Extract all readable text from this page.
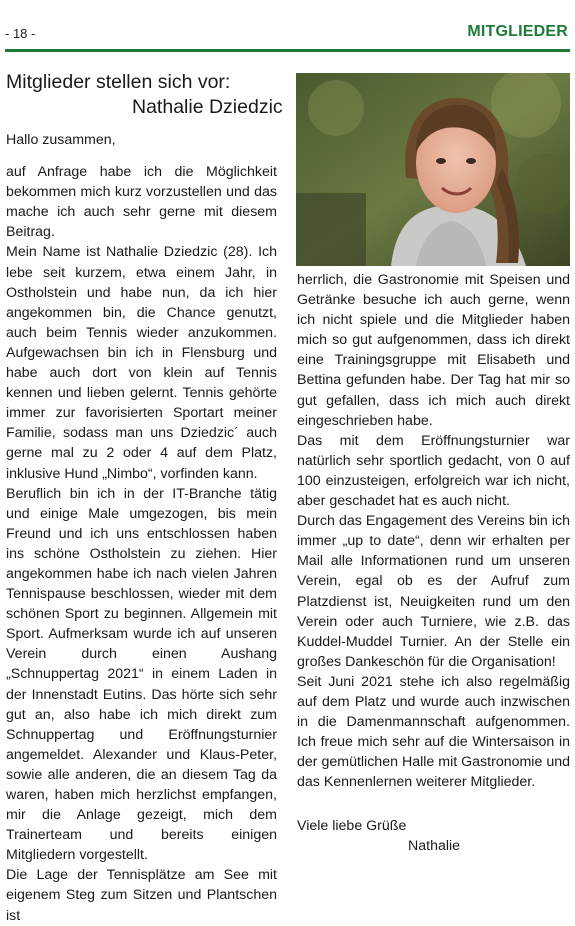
- 18 -	MITGLIEDER
Mitglieder stellen sich vor:
Nathalie Dziedzic

Hallo zusammen,

auf Anfrage habe ich die Möglichkeit bekommen mich kurz vorzustellen und das mache ich auch sehr gerne mit diesem Beitrag.

Mein Name ist Nathalie Dziedzic (28). Ich lebe seit kurzem, etwa einem Jahr, in Ostholstein und habe nun, da ich hier angekommen bin, die Chance genutzt, auch beim Tennis wieder anzukommen. Aufgewachsen bin ich in Flensburg und habe auch dort von klein auf Tennis kennen und lieben gelernt. Tennis gehörte immer zur favorisierten Sportart meiner Familie, sodass man uns Dziedzic´ auch gerne mal zu 2 oder 4 auf dem Platz, inklusive Hund „Nimbo“, vorfinden kann.

Beruflich bin ich in der IT-Branche tätig und einige Male umgezogen, bis mein Freund und ich uns entschlossen haben ins schöne Ostholstein zu ziehen. Hier angekommen habe ich nach vielen Jahren Tennispause beschlossen, wieder mit dem schönen Sport zu beginnen. Allgemein mit Sport. Aufmerksam wurde ich auf unseren Verein durch einen Aushang „Schnuppertag 2021“ in einem Laden in der Innenstadt Eutins. Das hörte sich sehr gut an, also habe ich mich direkt zum Schnuppertag und Eröffnungsturnier angemeldet. Alexander und Klaus-Peter, sowie alle anderen, die an diesem Tag da waren, haben mich herzlichst empfangen, mir die Anlage gezeigt, mich dem Trainerteam und bereits einigen Mitgliedern vorgestellt.

Die Lage der Tennisplätze am See mit eigenem Steg zum Sitzen und Plantschen ist

herrlich, die Gastronomie mit Speisen und Getränke besuche ich auch gerne, wenn ich nicht spiele und die Mitglieder haben mich so gut aufgenommen, dass ich direkt eine Trainingsgruppe mit Elisabeth und Bettina gefunden habe. Der Tag hat mir so gut gefallen, dass ich mich auch direkt eingeschrieben habe.

Das mit dem Eröffnungsturnier war natürlich sehr sportlich gedacht, von 0 auf 100 einzusteigen, erfolgreich war ich nicht, aber geschadet hat es auch nicht.

Durch das Engagement des Vereins bin ich immer „up to date“, denn wir erhalten per Mail alle Informationen rund um unseren Verein, egal ob es der Aufruf zum Platzdienst ist, Neuigkeiten rund um den Verein oder auch Turniere, wie z.B. das Kuddel-Muddel Turnier. An der Stelle ein großes Dankeschön für die Organisation!

Seit Juni 2021 stehe ich also regelmäßig auf dem Platz und wurde auch inzwischen in die Damenmannschaft aufgenommen. Ich freue mich sehr auf die Wintersaison in der gemütlichen Halle mit Gastronomie und das Kennenlernen weiterer Mitglieder.

Viele liebe Grüße
Nathalie
